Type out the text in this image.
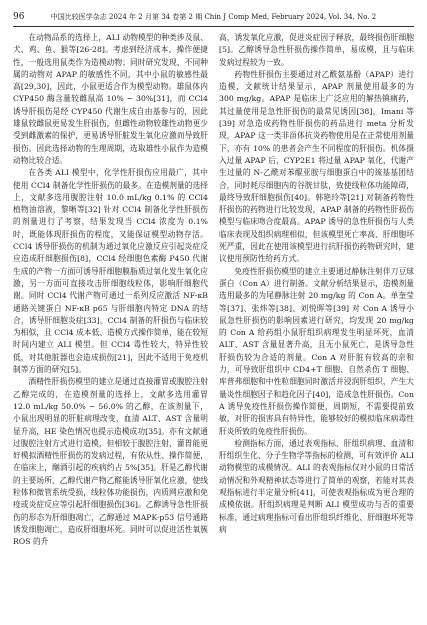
96	中国比较医学杂志 2024 年 2 月第 34 卷第 2 期 Chin J Comp Med, February 2024, Vol. 34, No. 2

在动物品系的选择上，ALI 动物模型的种类涉及鼠、犬、鸡、鱼、猴等[26-28]。考虑到经济成本、操作便捷性，一般选用鼠类作为造模动物；同时研究发现，不同种属的动物对 APAP 的敏感性不同，其中小鼠的敏感性最高[29,30]，因此，小鼠更适合作为模型动物。雄鼠体内 CYP450 酶含量较雌鼠高 10% ~ 30%[31]，而 CCl4 诱导肝损伤是经 CYP450 代谢生成自由基参与的，因此雄鼠较雌鼠更易发生肝损伤，但雌性动物较雄性动物更少受到雌激素的保护，更易诱导肝脏发生氧化应激而导致肝损伤。因此选择动物的生理周期，选取雄性小鼠作为造模动物比较合适。

在各类 ALI 模型中，化学性肝损伤应用最广，其中使用 CCl4 制备化学性肝损伤的最多。在造模剂量的选择上，文献多选用腹腔注射 10.0 mL/kg 0.1% 的 CCl4 植物油溶液，黎晰等[32] 针对 CCl4 制备化学性肝损伤的剂量进行了考察，结果发现当 CCl4 浓度为 0.1% 时，既能体现肝损伤的程度，又能保证模型动物存活。CCl4 诱导肝损伤的机制为通过氧化应激反应引起炎症反应造成肝细胞损伤[8]，CCl4 经细胞色素酶 P450 代谢生成的产物一方面可诱导肝细胞膜脂质过氧化发生氧化应激，另一方面可直接攻击肝细胞线粒体，影响肝细胞代谢。同时 CCl4 代谢产物可通过一系列反应激活 NF-κB 通路关键蛋白 NF-κB p65 与肝细胞内特定 DNA 的结合，诱导肝细胞炎症[33]。CCl4 制备的肝损伤与临床较为相似，且 CCl4 成本低、造模方式操作简单，能在较短时间内建立 ALI 模型。但 CCl4 毒性较大，特异性较低，对其他脏器也会造成损伤[21]，因此不适用于免疫机制等方面的研究[5]。

酒精性肝损伤模型的建立是通过直接灌胃或腹腔注射乙醇完成的，在造模剂量的选择上，文献多选用灌胃 12.0 mL/kg 50.0% ~ 56.0% 的乙醇，在该剂量下，小鼠出现明显的肝脏病理改变，血清 ALT、AST 含量明显升高，HE 染色情况也提示造模成功[35]。亦有文献通过腹腔注射方式进行造模，但相较于腹腔注射，灌胃能更好模拟酒精性肝损伤的发病过程，有依从性、操作简便，在临床上，酗酒引起的疾病约占 5%[35]。肝是乙醇代谢的主要场所，乙醇代谢产物乙醛能诱导肝氧化应激，使线粒体和微管系统受损，线粒体功能损伤，内质网应激和免疫或炎症反应等引起肝细胞损伤[36]。乙醇诱导急性肝损伤的形态为肝细胞凋亡，乙醇通过 MAPK-p53 信号通路诱发细胞凋亡，造成肝细胞坏死。同时可以促进活性氧簇 ROS 的升

高，诱发氧化应激，促进炎症因子释放，最终损伤肝细胞[5]。乙醇诱导急性肝损伤操作简单，易成模，且与临床发病过程较为一致。

药物性肝损伤主要通过对乙酰氨基酚（APAP）进行造模，文献统计结果显示，APAP 剂量使用最多的为 300 mg/kg。APAP 是临床上广泛应用的解热镇痛药，其过量使用是急性肝损伤的最常见诱因[38]，Imani 等[39] 对急造成药物性肝损伤的药品进行 meta 分析发现，APAP 这一类非甾体抗炎药物使用是在正常使用剂量下，亦有 10% 的患者会产生不同程度的肝损伤。机体摄入过量 APAP 后，CYP2E1 将过量 APAP 氧化，代谢产生过量的 N-乙酰对苯醌亚胺与细胞蛋白中的巯基基团结合，同时耗尽细胞内的谷胱甘肽，致使线粒体功能障碍，最终导致肝细胞损伤[40]。韩艳玲等[21] 对制备药物性肝损伤的药物进行比较发现，APAP 制备的药物性肝损伤模型与临床吻合度最高。APAP 诱导的急性肝损伤与人类临床表现及组织病理相似，但该模型死亡率高、肝细胞坏死严重，因此在使用该模型进行抗肝损伤药物研究时，建议使用预防性给药方式。

免疫性肝损伤模型的建立主要通过静脉注射伴刀豆球蛋白（Con A）进行制备。文献分析结果显示，造模剂量选用最多的为尾静脉注射 20 mg/kg 的 Con A。单奎莹等[37]、张炜等[38]、刘悦晖等[39] 对 Con A 诱导小鼠急性肝损伤的影响因素进行研究，均发现 20 mg/kg 的 Con A 给药组小鼠肝组织病理发生明显坏死，血清 ALT、AST 含量显著升高，且无小鼠死亡，是诱导急性肝损伤较为合适的剂量。Con A 对肝脏有较高的亲和力，可导致肝组织中 CD4+T 细胞、自然杀伤 T 细胞、库普弗细胞和中性粒细胞同时激活并浸润肝组织，产生大量炎性细胞因子和趋化因子[40]，造成急性肝损伤。Con A 诱导免疫性肝损伤操作简便，周期短，不需要提前致敏，对肝的损害具有特异性，能够较好的模拟临床病毒性肝炎所致的免疫性肝损伤。

检测指标方面，通过表观指标、肝组织病理、血清和肝组织生化、分子生物学等指标的检测，可有效评价 ALI 动物模型的成模情况。ALI 的表观指标仅对小鼠的日常活动情况和外观精神状态等进行了简单的观察，若能对其表观指标进行半定量分析[41]，可使表观指标成为更合理的成模依据。肝组织病理是判断 ALI 模型成功与否的重要标准，通过病理指标可看出肝组织纤维化、肝细胞坏死等病
